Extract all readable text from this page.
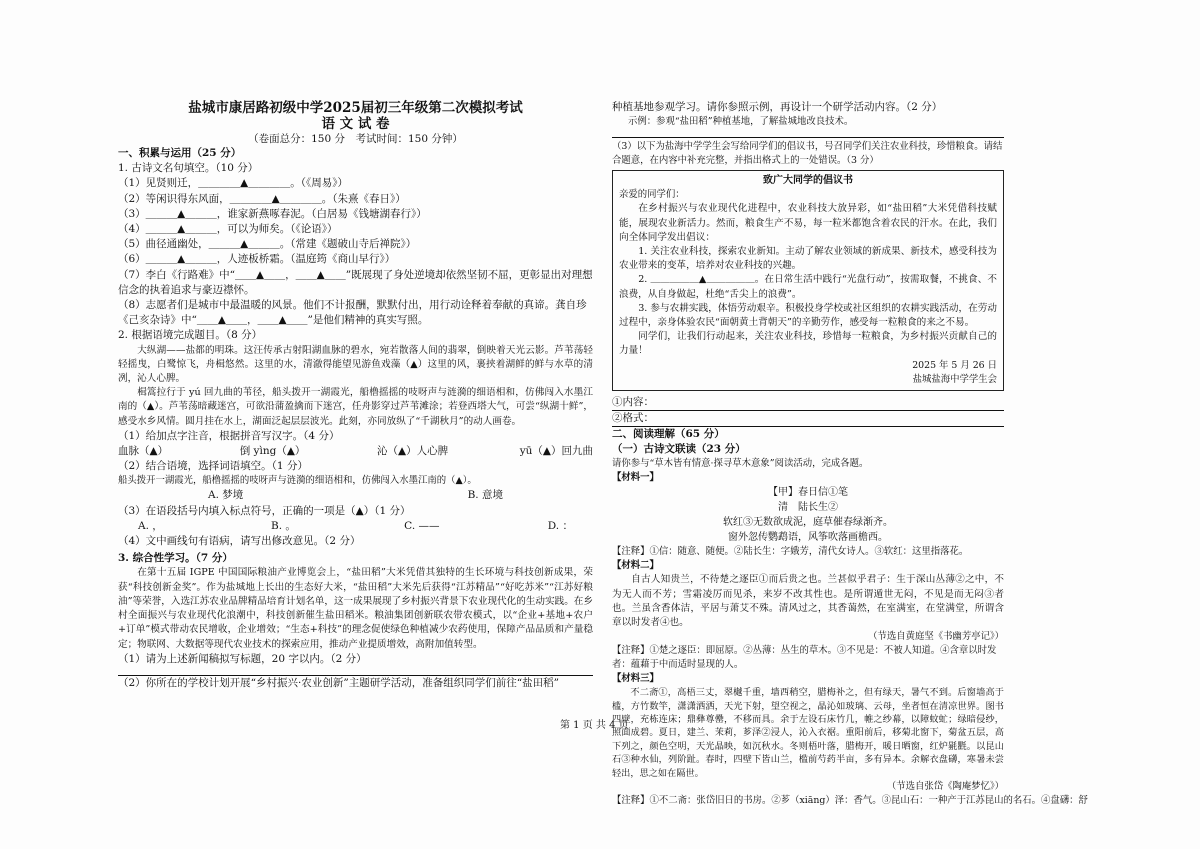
盐城市康居路初级中学2025届初三年级第二次模拟考试
语 文 试 卷
（卷面总分：150 分　考试时间：150 分钟）
一、积累与运用（25 分）
1. 古诗文名句填空。（10 分）
（1）见贤则迁，＿＿＿＿▲＿＿＿＿。（《周易》）
（2）等闲识得东风面，＿＿＿＿▲＿＿＿＿。（朱熹《春日》）
（3）＿＿＿▲＿＿＿，谁家新燕啄春泥。（白居易《钱塘湖春行》）
（4）＿＿＿▲＿＿＿，可以为师矣。（《论语》）
（5）曲径通幽处，＿＿＿▲＿＿＿。（常建《题破山寺后禅院》）
（6）＿＿＿▲＿＿＿，人迹板桥霜。（温庭筠《商山早行》）
（7）李白《行路难》中“＿＿▲＿＿，＿＿▲＿＿”既展现了身处逆境却依然坚韧不屈，更彰显出对理想信念的执着追求与豪迈襟怀。
（8）志愿者们是城市中最温暖的风景。他们不计报酬，默默付出，用行动诠释着奉献的真谛。龚自珍《己亥杂诗》中“＿＿▲＿＿，＿＿▲＿＿”是他们精神的真实写照。
2. 根据语境完成题目。（8 分）

大纵湖——盐都的明珠。这汪传承古射阳湖血脉的碧水，宛若散落人间的翡翠，倒映着天光云影。芦苇荡轻轻摇曳，白鹭惊飞，舟楫悠然。这里的水，清澈得能望见游鱼戏藻（▲）这里的风，裹挟着湖鲜的鲜与水草的清冽，沁人心脾。

楫篙拉行于 yú 回九曲的苇径，船头拨开一湖霞光，船橹摇摇的吱呀声与涟漪的细语相和，仿佛闯入水墨江南的（▲）。芦苇荡暗藏迷宫，可欲沿蒲盈擒而下迷宫，任舟影穿过芦苇滩涂；若登西塔大气，可尝“纵湖十鲜”，感受水乡风情。圆月挂在水上，湖面泛起层层波光。此刻，亦同放纵了“千湖秋月”的动人画卷。

（1）给加点字注音，根据拼音写汉字。（4 分）
血脉（▲）	倒 yìng（▲）	沁（▲）人心脾	yū（▲）回九曲
（2）结合语境，选择词语填空。（1 分）
船头拨开一湖霞光，船橹摇摇的吱呀声与涟漪的细语相和，仿佛闯入水墨江南的（▲）。
A. 梦境	B. 意境
（3）在语段括号内填入标点符号，正确的一项是（▲）（1 分）
A. ，	B. 。	C. ——	D. ：
（4）文中画线句有语病，请写出修改意见。（2 分）
3. 综合性学习。（7 分）

在第十五届 IGPE 中国国际粮油产业博览会上，“盐田稻”大米凭借其独特的生长环境与科技创新成果，荣获“科技创新金奖”。作为盐城地上长出的生态好大米，“盐田稻”大米先后获得“江苏精品”“好吃苏米”“江苏好粮油”等荣誉，入选江苏农业品牌精品培育计划名单，这一成果展现了乡村振兴背景下农业现代化的生动实践。在乡村全面振兴与农业现代化浪潮中，科技创新催生盐田稻米。粮油集团创新联农带农模式，以“企业+基地+农户+订单”模式带动农民增收，企业增效；“生态+科技”的理念促使绿色种植减少农药使用，保障产品品质和产量稳定；物联网、大数据等现代农业技术的探索应用，推动产业提质增效，高附加值转型。

（1）请为上述新闻稿拟写标题，20 字以内。（2 分）
（2）你所在的学校计划开展“乡村振兴·农业创新”主题研学活动，准备组织同学们前往“盐田稻”
种植基地参观学习。请你参照示例，再设计一个研学活动内容。（2 分）
示例：参观“盐田稻”种植基地，了解盐城地改良技术。
（3）以下为盐海中学学生会写给同学们的倡议书，号召同学们关注农业科技，珍惜粮食。请结合题意，在内容中补充完整，并指出格式上的一处错误。（3 分）
致广大同学的倡议书
亲爱的同学们：

在乡村振兴与农业现代化进程中，农业科技大放异彩，如“盐田稻”大米凭借科技赋能，展现农业新活力。然而，粮食生产不易，每一粒米都饱含着农民的汗水。在此，我们向全体同学发出倡议：

1. 关注农业科技，探索农业新知。主动了解农业领域的新成果、新技术，感受科技为农业带来的变革，培养对农业科技的兴趣。

2. ＿＿＿＿＿▲＿＿＿＿＿。在日常生活中践行“光盘行动”，按需取餐，不挑食、不浪费，从自身做起，杜绝“舌尖上的浪费”。

3. 参与农耕实践，体悟劳动艰辛。积极投身学校或社区组织的农耕实践活动，在劳动过程中，亲身体验农民“面朝黄土背朝天”的辛勤劳作，感受每一粒粮食的来之不易。

同学们，让我们行动起来，关注农业科技，珍惜每一粒粮食，为乡村振兴贡献自己的力量！

2025 年 5 月 26 日
盐城盐海中学学生会
①内容：
②格式：
二、阅读理解（65 分）
（一）古诗文联读（23 分）
请你参与“草木皆有情意·探寻草木意象”阅读活动，完成各题。
【材料一】
【甲】春日信①笔
清　陆长生②
软红③无数欲成泥，庭草催春绿渐齐。
窗外忽传鹦鹉语，风筝吹落画檐西。
【注释】①信：随意、随便。②陆长生：字娥芳，清代女诗人。③软红：这里指落花。
【材料二】

自古人知贵兰，不待楚之逐臣①而后贵之也。兰甚似乎君子：生于深山丛薄②之中，不为无人而不芳；雪霜凌厉而见杀，来岁不改其性也。是所谓遁世无闷，不见是而无闷③者也。兰虽含香体洁，平居与萧艾不殊。清风过之，其香蔼然，在室满室，在堂满堂，所谓含章以时发者④也。

（节选自黄庭坚《书幽芳亭记》）
【注释】①楚之逐臣：即屈原。②丛薄：丛生的草木。③不见是：不被人知道。④含章以时发者：蕴藉于中而适时显现的人。
【材料三】

不二斋①，高梧三丈，翠樾千重，墙西稍空，腊梅补之，但有绿天，暑气不到。后窗墙高于槛，方竹数竿，潇潇洒洒，天光下射，望空视之，晶沁如玻璃、云母，坐者恒在清凉世界。图书四壁，充栋连床；鼎彝尊罍，不移而具。余于左设石床竹几，帷之纱幕，以障蚊虻；绿暗侵纱，照面成碧。夏日，建兰、茉莉，芗泽②浸人，沁入衣裾。重阳前后，移菊北窗下，菊盆五层，高下列之，颜色空明，天光晶映，如沉秋水。冬则梧叶落，腊梅开，暖日晒窗，红炉毾氍。以昆山石③种水仙，列阶趾。春时，四壁下皆山兰，槛前芍药半亩，多有异本。余解衣盘礴，寒暑未尝轻出，思之如在隔世。

（节选自张岱《陶庵梦忆》）
【注释】①不二斋：张岱旧日的书房。②芗（xiāng）泽：香气。③昆山石：一种产于江苏昆山的名石。④盘礴：舒
第 1 页 共 4 页
